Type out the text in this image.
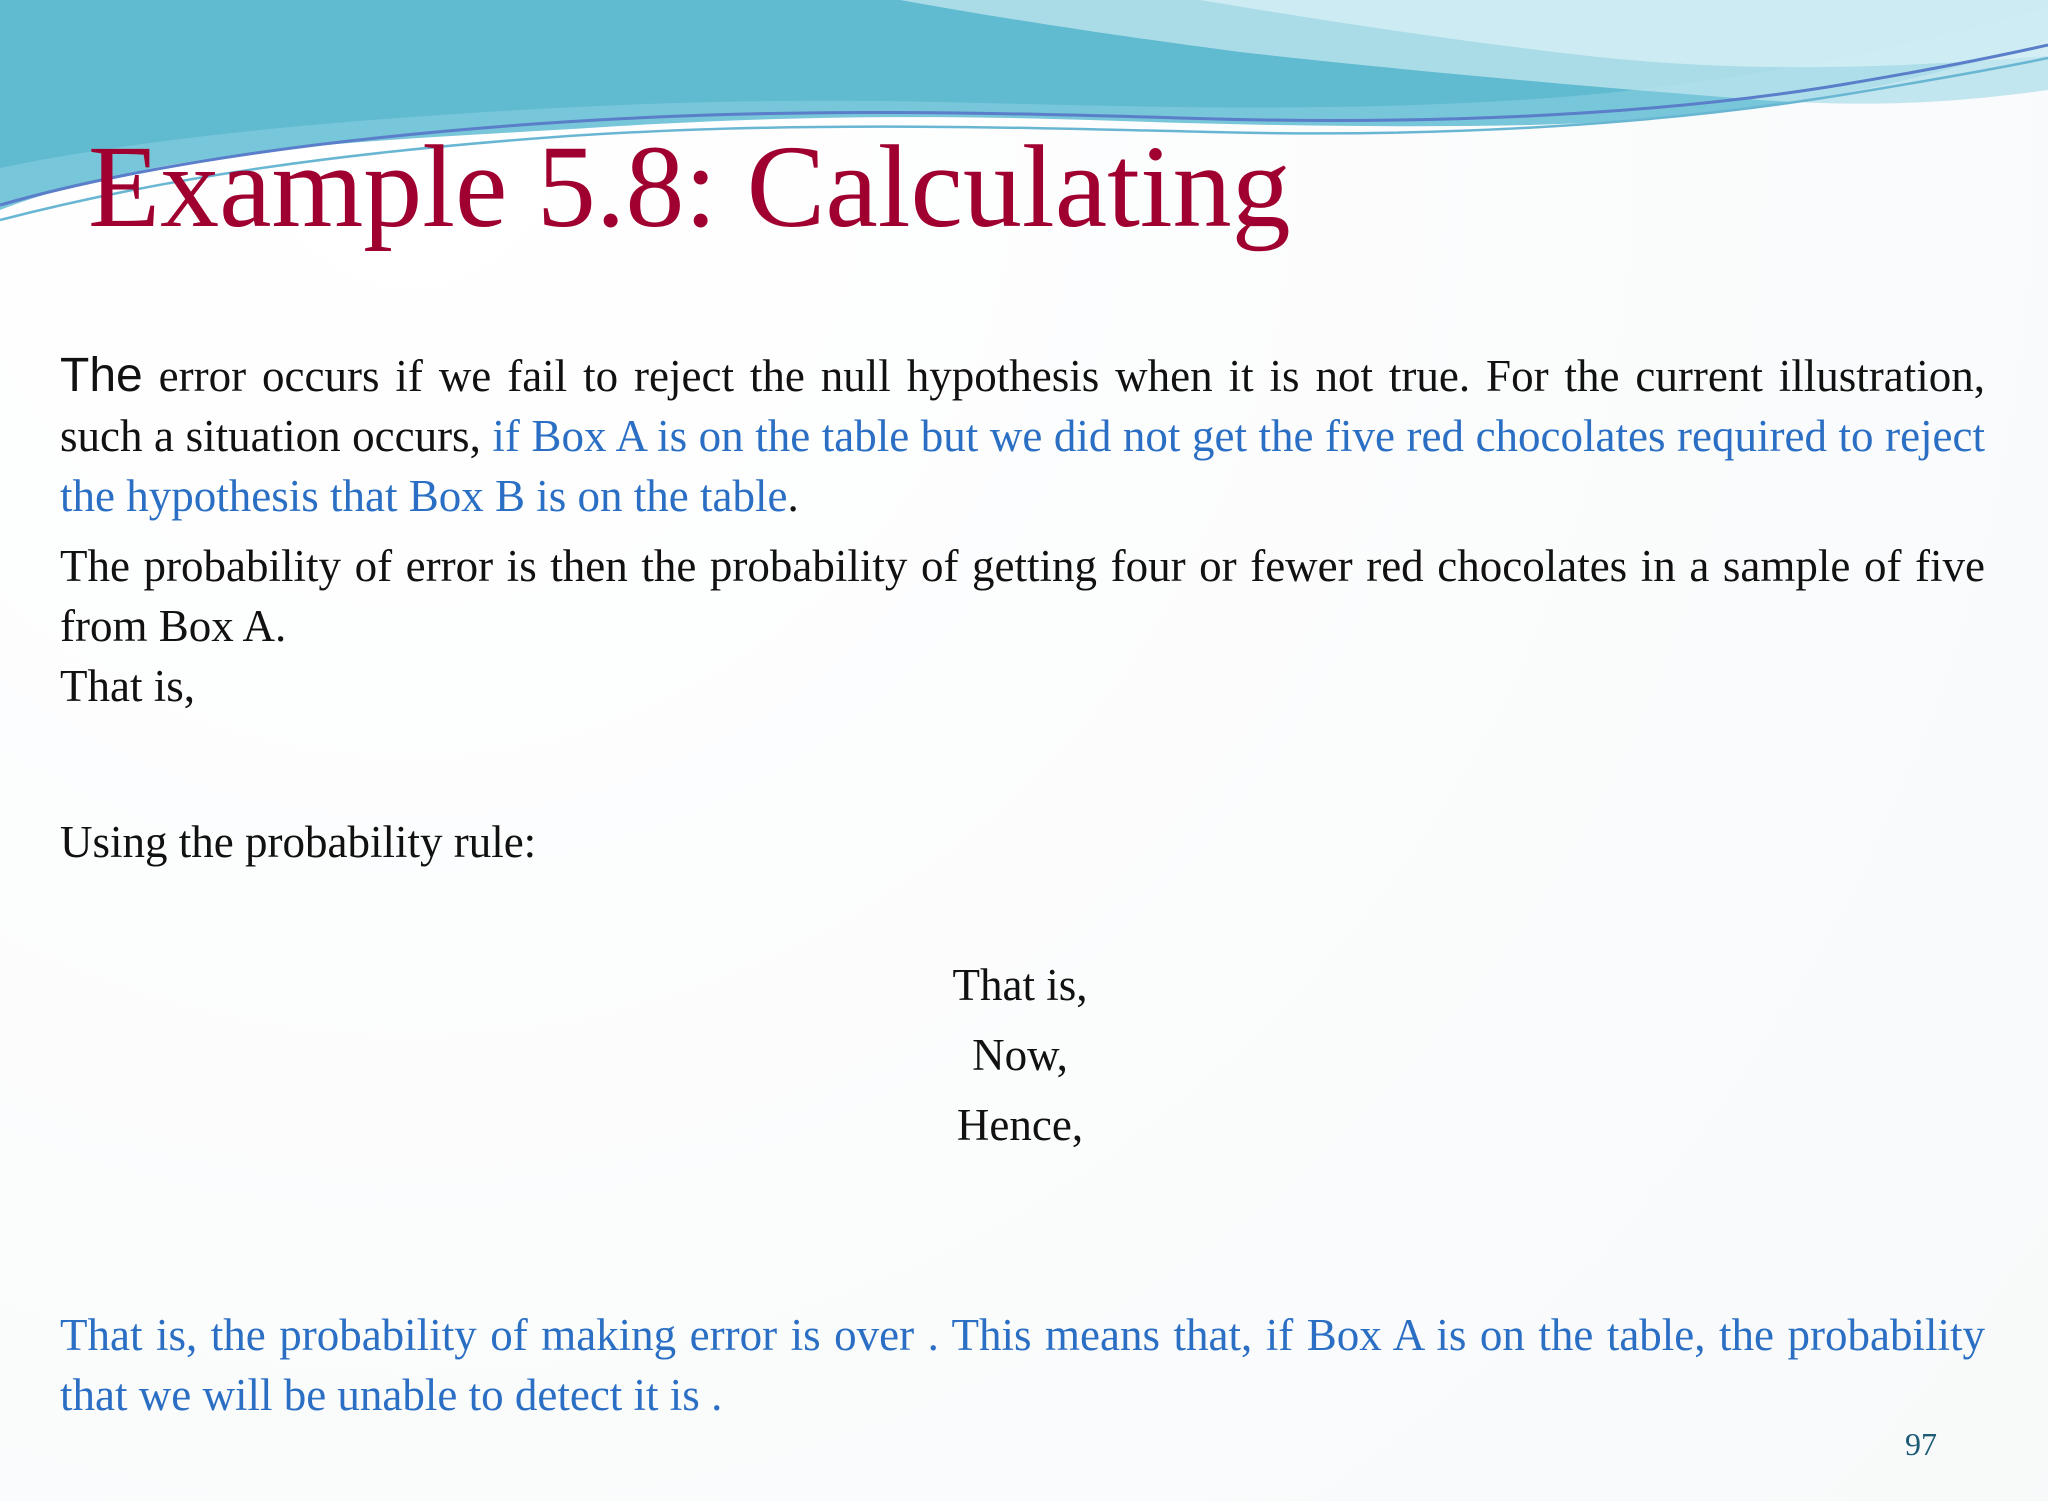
Example 5.8: Calculating

The error occurs if we fail to reject the null hypothesis when it is not true. For the current illustration, such a situation occurs, if Box A is on the table but we did not get the five red chocolates required to reject the hypothesis that Box B is on the table.

The probability of error is then the probability of getting four or fewer red chocolates in a sample of five from Box A.

That is,

Using the probability rule:
That is,
Now,
Hence,
That is, the probability of making error is over . This means that, if Box A is on the table, the probability that we will be unable to detect it is .
97
